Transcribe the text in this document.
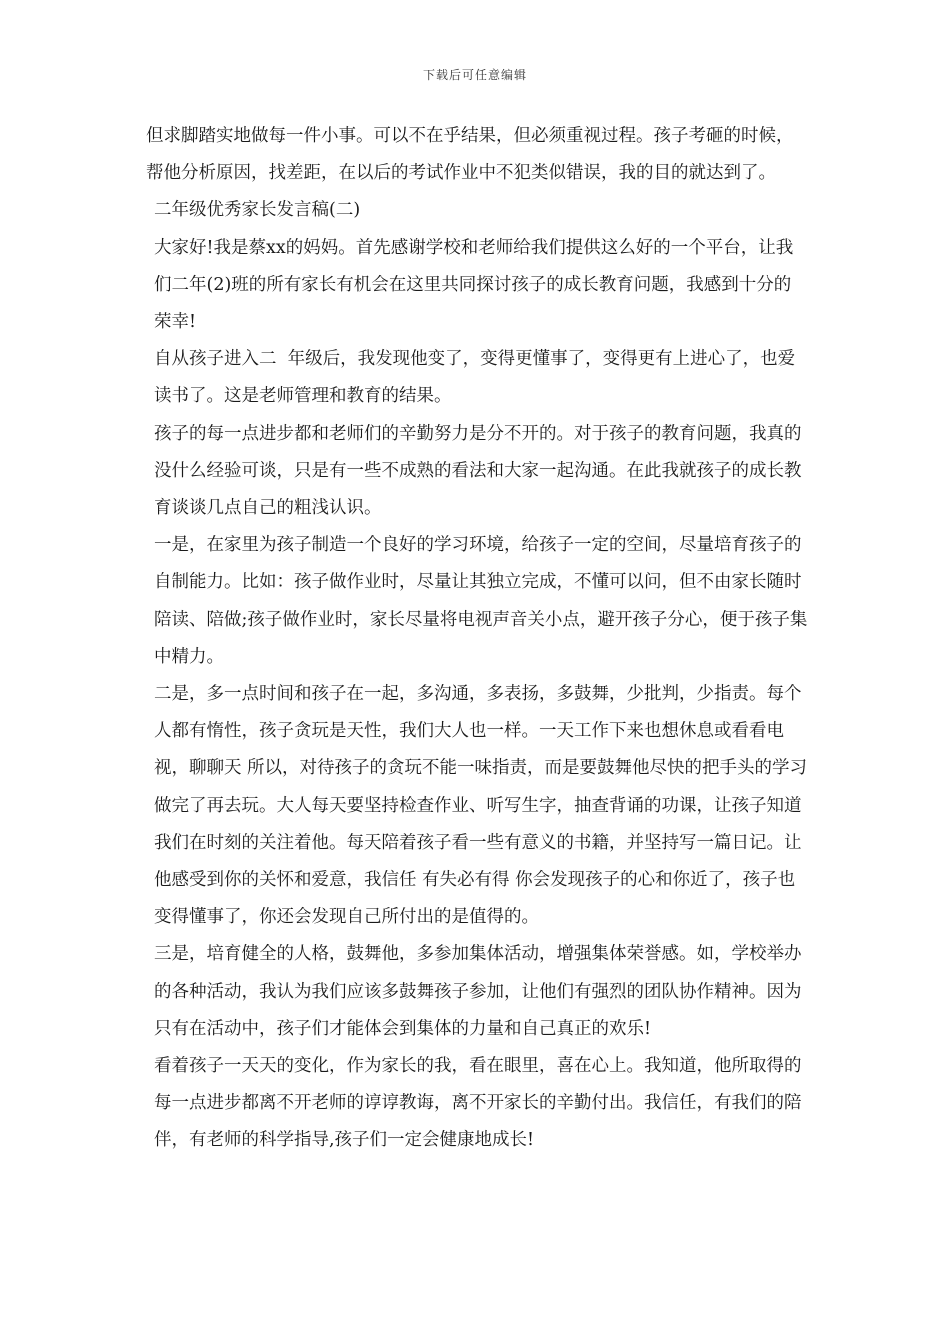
下载后可任意编辑

但求脚踏实地做每一件小事。可以不在乎结果，但必须重视过程。孩子考砸的时候，帮他分析原因，找差距，在以后的考试作业中不犯类似错误，我的目的就达到了。

二年级优秀家长发言稿(二)

大家好!我是蔡xx的妈妈。首先感谢学校和老师给我们提供这么好的一个平台，让我们二年(2)班的所有家长有机会在这里共同探讨孩子的成长教育问题，我感到十分的荣幸!

自从孩子进入二  年级后，我发现他变了，变得更懂事了，变得更有上进心了，也爱读书了。这是老师管理和教育的结果。

孩子的每一点进步都和老师们的辛勤努力是分不开的。对于孩子的教育问题，我真的没什么经验可谈，只是有一些不成熟的看法和大家一起沟通。在此我就孩子的成长教育谈谈几点自己的粗浅认识。

一是，在家里为孩子制造一个良好的学习环境，给孩子一定的空间，尽量培育孩子的自制能力。比如：孩子做作业时，尽量让其独立完成，不懂可以问，但不由家长随时陪读、陪做;孩子做作业时，家长尽量将电视声音关小点，避开孩子分心，便于孩子集中精力。

二是，多一点时间和孩子在一起，多沟通，多表扬，多鼓舞，少批判，少指责。每个人都有惰性，孩子贪玩是天性，我们大人也一样。一天工作下来也想休息或看看电视，聊聊天 所以，对待孩子的贪玩不能一味指责，而是要鼓舞他尽快的把手头的学习做完了再去玩。大人每天要坚持检查作业、听写生字，抽查背诵的功课，让孩子知道我们在时刻的关注着他。每天陪着孩子看一些有意义的书籍，并坚持写一篇日记。让他感受到你的关怀和爱意，我信任 有失必有得 你会发现孩子的心和你近了，孩子也变得懂事了，你还会发现自己所付出的是值得的。

三是，培育健全的人格，鼓舞他，多参加集体活动，增强集体荣誉感。如，学校举办的各种活动，我认为我们应该多鼓舞孩子参加，让他们有强烈的团队协作精神。因为只有在活动中，孩子们才能体会到集体的力量和自己真正的欢乐!

看着孩子一天天的变化，作为家长的我，看在眼里，喜在心上。我知道，他所取得的每一点进步都离不开老师的谆谆教诲，离不开家长的辛勤付出。我信任，有我们的陪伴，有老师的科学指导,孩子们一定会健康地成长!
